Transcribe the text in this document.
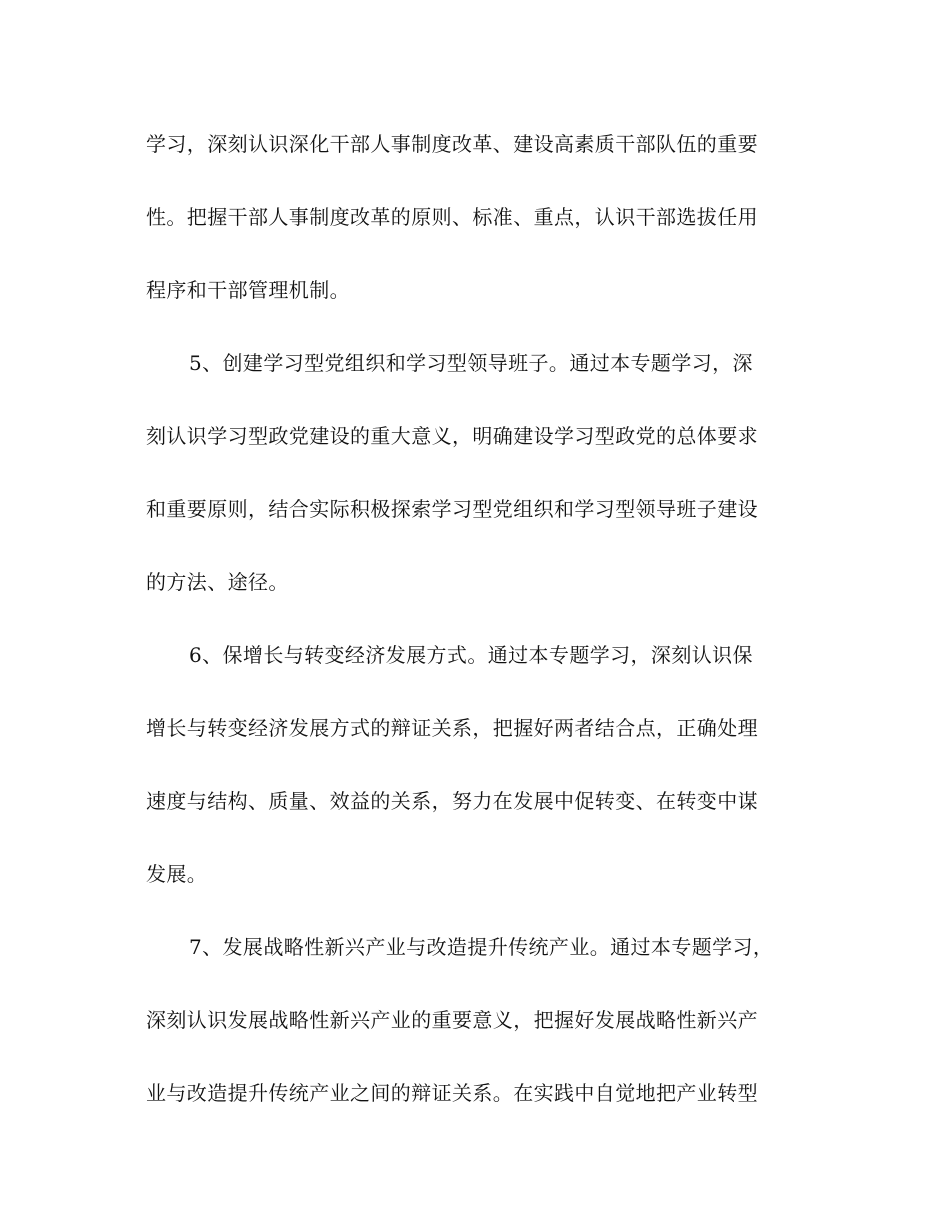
学习，深刻认识深化干部人事制度改革、建设高素质干部队伍的重要
性。把握干部人事制度改革的原则、标准、重点，认识干部选拔任用
程序和干部管理机制。
5、创建学习型党组织和学习型领导班子。通过本专题学习，深
刻认识学习型政党建设的重大意义，明确建设学习型政党的总体要求
和重要原则，结合实际积极探索学习型党组织和学习型领导班子建设
的方法、途径。
6、保增长与转变经济发展方式。通过本专题学习，深刻认识保
增长与转变经济发展方式的辩证关系，把握好两者结合点，正确处理
速度与结构、质量、效益的关系，努力在发展中促转变、在转变中谋
发展。
7、发展战略性新兴产业与改造提升传统产业。通过本专题学习，
深刻认识发展战略性新兴产业的重要意义，把握好发展战略性新兴产
业与改造提升传统产业之间的辩证关系。在实践中自觉地把产业转型
